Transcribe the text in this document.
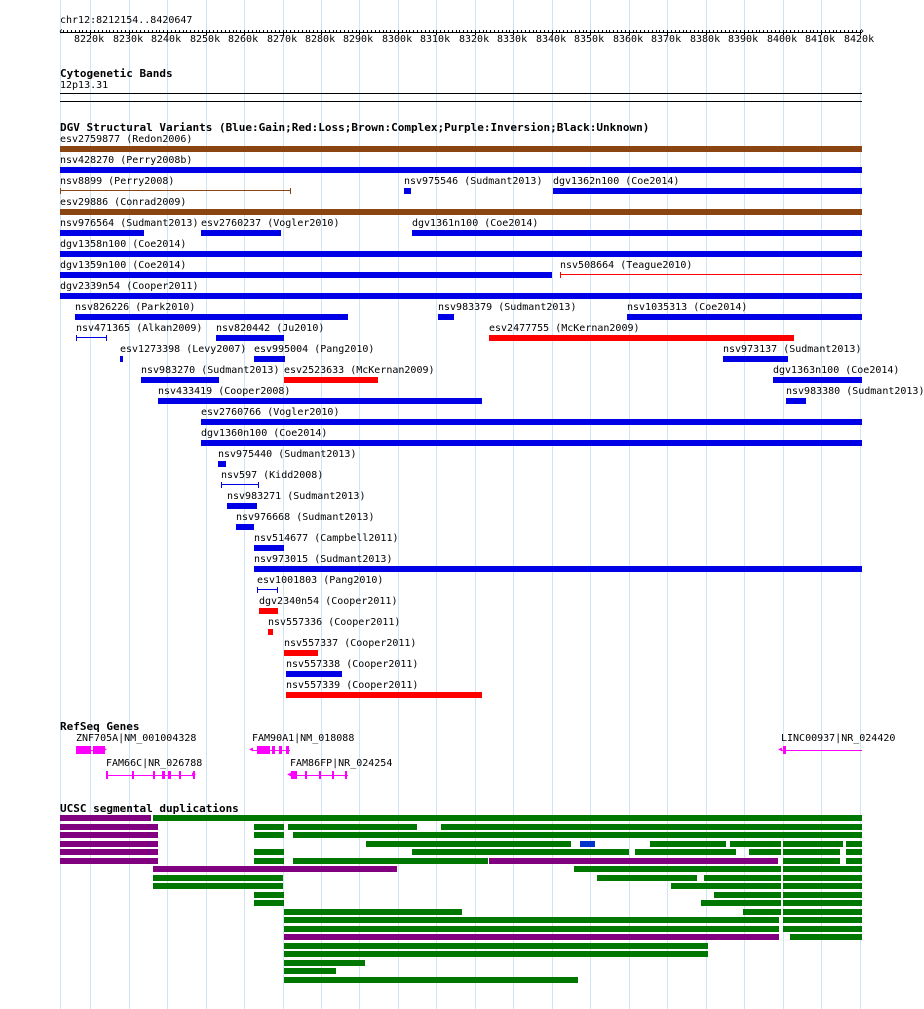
chr12:8212154..8420647
‹	›
8220k 8230k 8240k 8250k 8260k 8270k 8280k 8290k 8300k 8310k 8320k 8330k 8340k 8350k 8360k 8370k 8380k 8390k 8400k 8410k 8420k
Cytogenetic Bands
12p13.31
DGV Structural Variants (Blue:Gain;Red:Loss;Brown:Complex;Purple:Inversion;Black:Unknown)
esv2759877 (Redon2006)
nsv428270 (Perry2008b)
nsv8899 (Perry2008)	nsv975546 (Sudmant2013) dgv1362n100 (Coe2014)
esv29886 (Conrad2009)
nsv976564 (Sudmant2013) esv2760237 (Vogler2010)	dgv1361n100 (Coe2014)
dgv1358n100 (Coe2014)
dgv1359n100 (Coe2014)	nsv508664 (Teague2010)
dgv2339n54 (Cooper2011)
nsv826226 (Park2010)	nsv983379 (Sudmant2013)	nsv1035313 (Coe2014)
nsv471365 (Alkan2009) nsv820442 (Ju2010)	esv2477755 (McKernan2009)
esv1273398 (Levy2007) esv995004 (Pang2010)	nsv973137 (Sudmant2013)
nsv983270 (Sudmant2013) esv2523633 (McKernan2009)	dgv1363n100 (Coe2014)
nsv433419 (Cooper2008)	nsv983380 (Sudmant2013)
esv2760766 (Vogler2010)
dgv1360n100 (Coe2014)
nsv975440 (Sudmant2013)
nsv597 (Kidd2008)
nsv983271 (Sudmant2013)
nsv976668 (Sudmant2013)
nsv514677 (Campbell2011)
nsv973015 (Sudmant2013)
esv1001803 (Pang2010)
dgv2340n54 (Cooper2011)
nsv557336 (Cooper2011)
nsv557337 (Cooper2011)
nsv557338 (Cooper2011)
nsv557339 (Cooper2011)
RefSeq Genes
ZNF705A|NM_001004328
▸
FAM90A1|NM_018088
◂
LINC00937|NR_024420
◂
FAM66C|NR_026788
▸
FAM86FP|NR_024254
◂
UCSC segmental duplications
